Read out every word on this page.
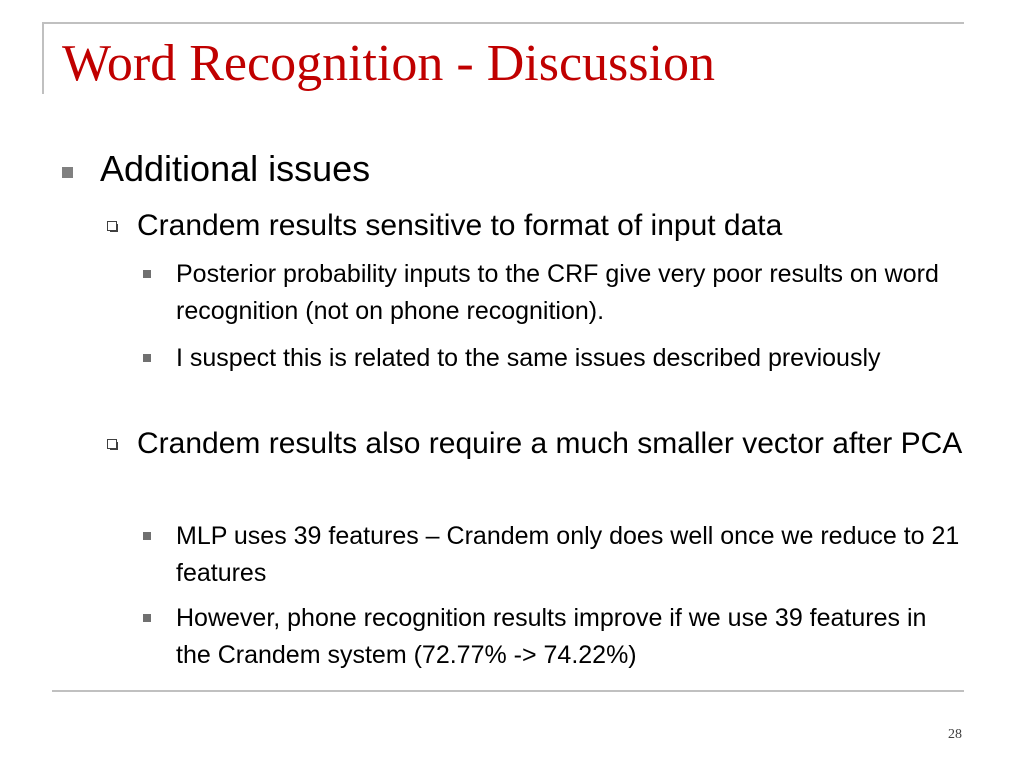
Word Recognition - Discussion
Additional issues
Crandem results sensitive to format of input data
Posterior probability inputs to the CRF give very poor results on word recognition (not on phone recognition).
I suspect this is related to the same issues described previously
Crandem results also require a much smaller vector after PCA
MLP uses 39 features – Crandem only does well once we reduce to 21 features
However, phone recognition results improve if we use 39 features in the Crandem system (72.77% -> 74.22%)
28
